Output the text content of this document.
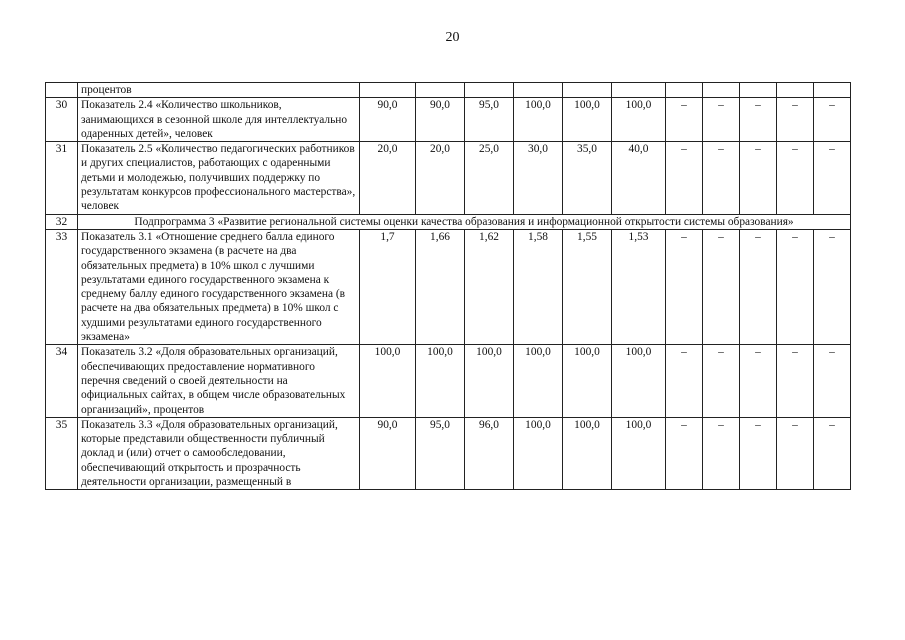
20
	процентов											
30	Показатель 2.4 «Количество школьников, занимающихся в сезонной школе для интеллектуально одаренных детей», человек	90,0	90,0	95,0	100,0	100,0	100,0	–	–	–	–	–
31	Показатель 2.5 «Количество педагогических работников и других специалистов, работающих с одаренными детьми и молодежью, получивших поддержку по результатам конкурсов профессионального мастерства», человек	20,0	20,0	25,0	30,0	35,0	40,0	–	–	–	–	–
32	Подпрограмма 3 «Развитие региональной системы оценки качества образования и информационной открытости системы образования»											
33	Показатель 3.1 «Отношение среднего балла единого государственного экзамена (в расчете на два обязательных предмета) в 10% школ с лучшими результатами единого государственного экзамена к среднему баллу единого государственного экзамена (в расчете на два обязательных предмета) в 10% школ с худшими результатами единого государственного экзамена»	1,7	1,66	1,62	1,58	1,55	1,53	–	–	–	–	–
34	Показатель 3.2 «Доля образовательных организаций, обеспечивающих предоставление нормативного перечня сведений о своей деятельности на официальных сайтах, в общем числе образовательных организаций», процентов	100,0	100,0	100,0	100,0	100,0	100,0	–	–	–	–	–
35	Показатель 3.3 «Доля образовательных организаций, которые представили общественности публичный доклад и (или) отчет о самообследовании, обеспечивающий открытость и прозрачность деятельности организации, размещенный в	90,0	95,0	96,0	100,0	100,0	100,0	–	–	–	–	–
